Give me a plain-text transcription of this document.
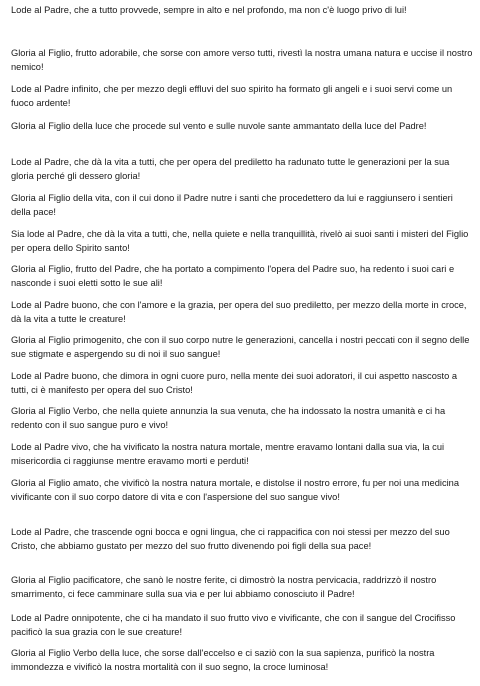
Lode al Padre, che a tutto provvede, sempre in alto e nel profondo, ma non c'è luogo privo di lui!

Gloria al Figlio, frutto adorabile, che sorse con amore verso tutti, rivestì la nostra umana natura e uccise il nostro nemico!

Lode al Padre infinito, che per mezzo degli effluvi del suo spirito ha formato gli angeli e i suoi servi come un fuoco ardente!

Gloria al Figlio della luce che procede sul vento e sulle nuvole sante ammantato della luce del Padre!

Lode al Padre, che dà la vita a tutti, che per opera del prediletto ha radunato tutte le generazioni per la sua gloria perché gli dessero gloria!

Gloria al Figlio della vita, con il cui dono il Padre nutre i santi che procedettero da lui e raggiunsero i sentieri della pace!

Sia lode al Padre, che dà la vita a tutti, che, nella quiete e nella tranquillità, rivelò ai suoi santi i misteri del Figlio per opera dello Spirito santo!

Gloria al Figlio, frutto del Padre, che ha portato a compimento l'opera del Padre suo, ha redento i suoi cari e nasconde i suoi eletti sotto le sue ali!

Lode al Padre buono, che con l'amore e la grazia, per opera del suo prediletto, per mezzo della morte in croce, dà la vita a tutte le creature!

Gloria al Figlio primogenito, che con il suo corpo nutre le generazioni, cancella i nostri peccati con il segno delle sue stigmate e aspergendo su di noi il suo sangue!

Lode al Padre buono, che dimora in ogni cuore puro, nella mente dei suoi adoratori, il cui aspetto nascosto a tutti, ci è manifesto per opera del suo Cristo!

Gloria al Figlio Verbo, che nella quiete annunzia la sua venuta, che ha indossato la nostra umanità e ci ha redento con il suo sangue puro e vivo!

Lode al Padre vivo, che ha vivificato la nostra natura mortale, mentre eravamo lontani dalla sua via, la cui misericordia ci raggiunse mentre eravamo morti e perduti!

Gloria al Figlio amato, che vivificò la nostra natura mortale, e distolse il nostro errore, fu per noi una medicina vivificante con il suo corpo datore di vita e con l'aspersione del suo sangue vivo!

Lode al Padre, che trascende ogni bocca e ogni lingua, che ci rappacifica con noi stessi per mezzo del suo Cristo, che abbiamo gustato per mezzo del suo frutto divenendo poi figli della sua pace!

Gloria al Figlio pacificatore, che sanò le nostre ferite, ci dimostrò la nostra pervicacia, raddrizzò il nostro smarrimento, ci fece camminare sulla sua via e per lui abbiamo conosciuto il Padre!

Lode al Padre onnipotente, che ci ha mandato il suo frutto vivo e vivificante, che con il sangue del Crocifisso pacificò la sua grazia con le sue creature!

Gloria al Figlio Verbo della luce, che sorse dall'eccelso e ci saziò con la sua sapienza, purificò la nostra immondezza e vivificò la nostra mortalità con il suo segno, la croce luminosa!
